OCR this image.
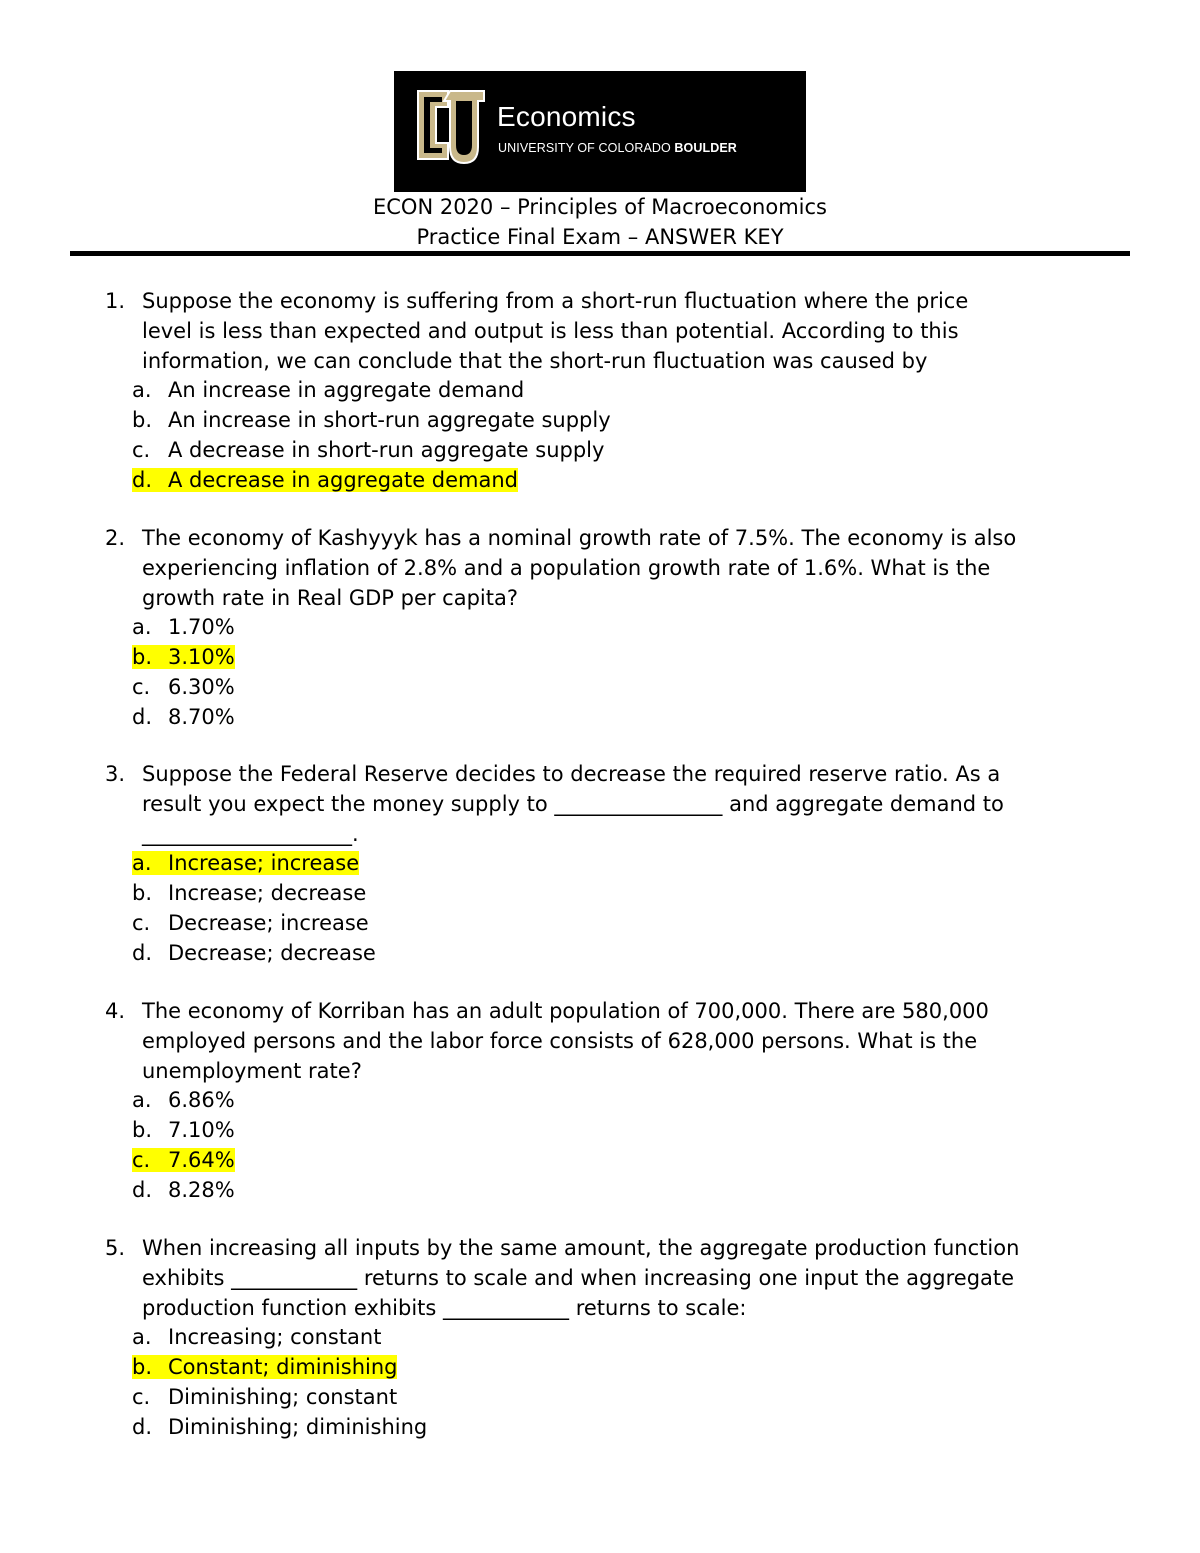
Economics
UNIVERSITY OF COLORADO BOULDER
ECON 2020 – Principles of Macroeconomics
Practice Final Exam – ANSWER KEY
1. Suppose the economy is suffering from a short-run fluctuation where the price
level is less than expected and output is less than potential. According to this
information, we can conclude that the short-run fluctuation was caused by
a. An increase in aggregate demand
b. An increase in short-run aggregate supply
c. A decrease in short-run aggregate supply
d. A decrease in aggregate demand
2. The economy of Kashyyyk has a nominal growth rate of 7.5%. The economy is also
experiencing inflation of 2.8% and a population growth rate of 1.6%. What is the
growth rate in Real GDP per capita?
a. 1.70%
b. 3.10%
c. 6.30%
d. 8.70%
3. Suppose the Federal Reserve decides to decrease the required reserve ratio. As a
result you expect the money supply to ________________ and aggregate demand to
____________________.
a. Increase; increase
b. Increase; decrease
c. Decrease; increase
d. Decrease; decrease
4. The economy of Korriban has an adult population of 700,000. There are 580,000
employed persons and the labor force consists of 628,000 persons. What is the
unemployment rate?
a. 6.86%
b. 7.10%
c. 7.64%
d. 8.28%
5. When increasing all inputs by the same amount, the aggregate production function
exhibits ____________ returns to scale and when increasing one input the aggregate
production function exhibits ____________ returns to scale:
a. Increasing; constant
b. Constant; diminishing
c. Diminishing; constant
d. Diminishing; diminishing
